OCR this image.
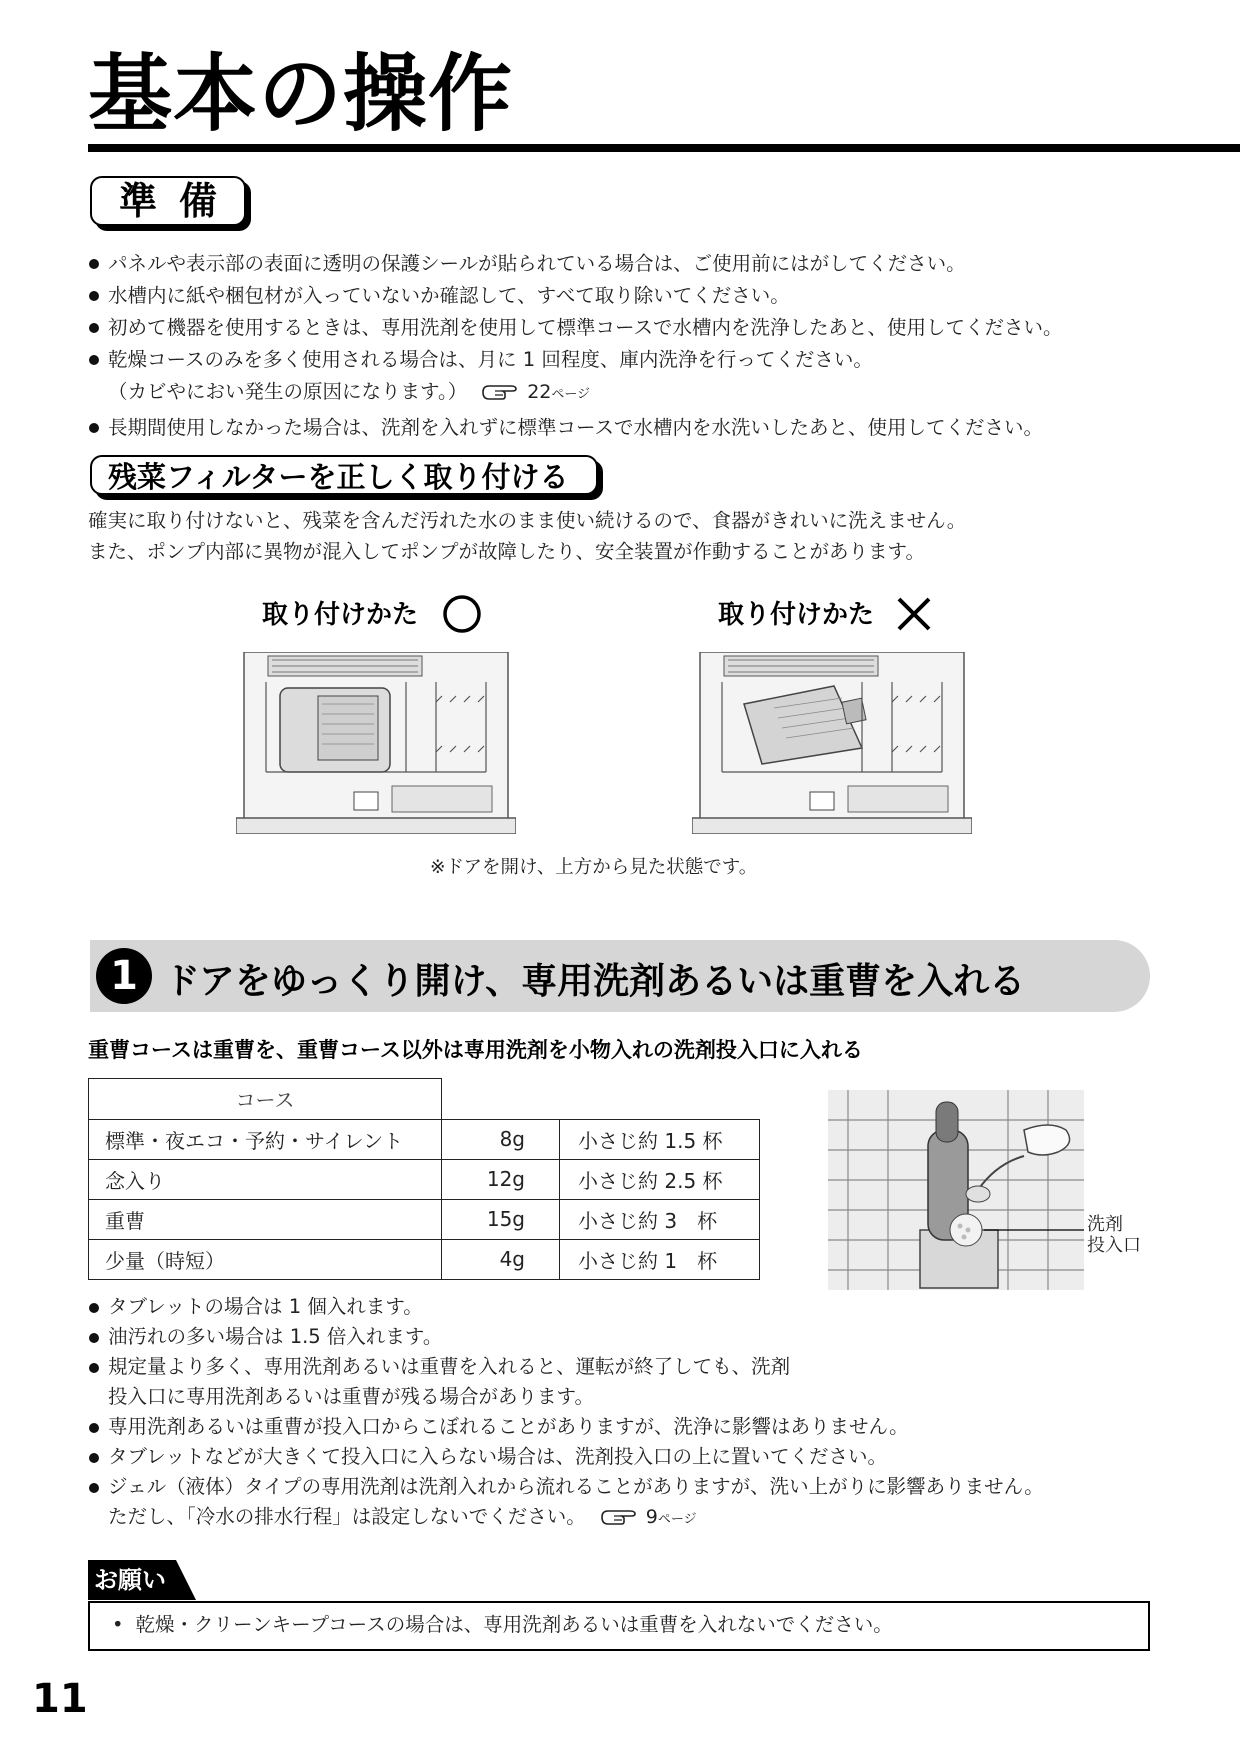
基本の操作
準備
パネルや表示部の表面に透明の保護シールが貼られている場合は、ご使用前にはがしてください。
水槽内に紙や梱包材が入っていないか確認して、すべて取り除いてください。
初めて機器を使用するときは、専用洗剤を使用して標準コースで水槽内を洗浄したあと、使用してください。
乾燥コースのみを多く使用される場合は、月に 1 回程度、庫内洗浄を行ってください。
（カビやにおい発生の原因になります。）	22ページ
長期間使用しなかった場合は、洗剤を入れずに標準コースで水槽内を水洗いしたあと、使用してください。
残菜フィルターを正しく取り付ける

確実に取り付けないと、残菜を含んだ汚れた水のまま使い続けるので、食器がきれいに洗えません。

また、ポンプ内部に異物が混入してポンプが故障したり、安全装置が作動することがあります。

取り付けかた	取り付けかた
※ドアを開け、上方から見た状態です。
1 ドアをゆっくり開け、専用洗剤あるいは重曹を入れる
重曹コースは重曹を、重曹コース以外は専用洗剤を小物入れの洗剤投入口に入れる
コース		
標準・夜エコ・予約・サイレント	8g	小さじ約 1.5 杯
念入り	12g	小さじ約 2.5 杯
重曹	15g	小さじ約 3　杯
少量（時短）	4g	小さじ約 1　杯
洗剤
投入口
タブレットの場合は 1 個入れます。
油汚れの多い場合は 1.5 倍入れます。
規定量より多く、専用洗剤あるいは重曹を入れると、運転が終了しても、洗剤
投入口に専用洗剤あるいは重曹が残る場合があります。
専用洗剤あるいは重曹が投入口からこぼれることがありますが、洗浄に影響はありません。
タブレットなどが大きくて投入口に入らない場合は、洗剤投入口の上に置いてください。
ジェル（液体）タイプの専用洗剤は洗剤入れから流れることがありますが、洗い上がりに影響ありません。
ただし、「冷水の排水行程」は設定しないでください。	9ページ
お願い
• 乾燥・クリーンキープコースの場合は、専用洗剤あるいは重曹を入れないでください。
11
